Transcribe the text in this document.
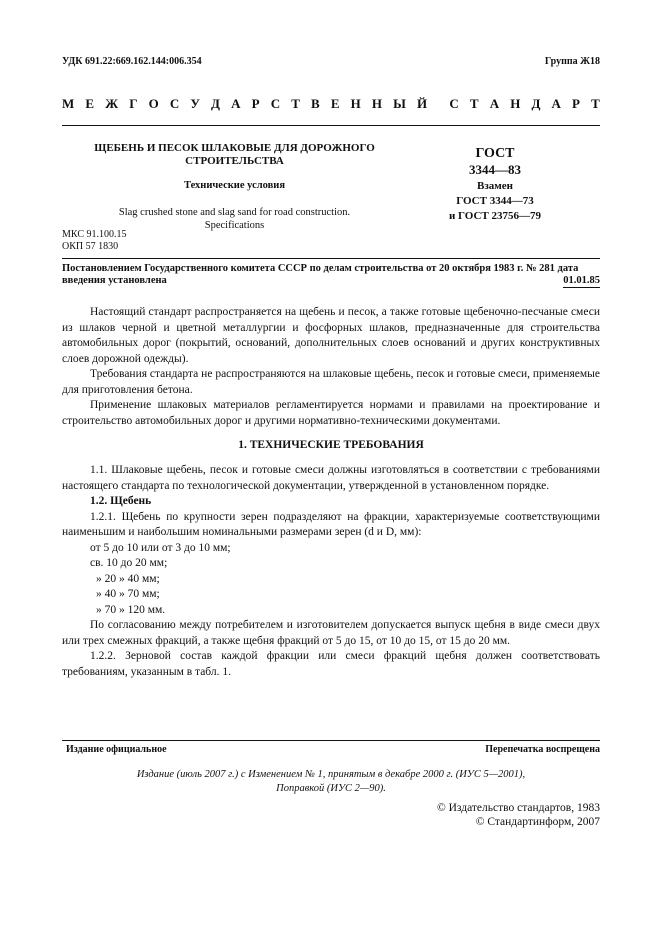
УДК 691.22:669.162.144:006.354	Группа Ж18
М Е Ж Г О С У Д А Р С Т В Е Н Н Ы Й С Т А Н Д А Р Т
ЩЕБЕНЬ И ПЕСОК ШЛАКОВЫЕ ДЛЯ ДОРОЖНОГО
СТРОИТЕЛЬСТВА
Технические условия
Slag crushed stone and slag sand for road construction.
Specifications
МКС 91.100.15
ОКП 57 1830
ГОСТ
3344—83
Взамен
ГОСТ 3344—73
и ГОСТ 23756—79
Постановлением Государственного комитета СССР по делам строительства от 20 октября 1983 г. № 281 дата
введения установлена	01.01.85

Настоящий стандарт распространяется на щебень и песок, а также готовые щебеночно-песчаные смеси из шлаков черной и цветной металлургии и фосфорных шлаков, предназначенные для строительства автомобильных дорог (покрытий, оснований, дополнительных слоев оснований и других конструктивных слоев дорожной одежды).

Требования стандарта не распространяются на шлаковые щебень, песок и готовые смеси, применяемые для приготовления бетона.

Применение шлаковых материалов регламентируется нормами и правилами на проектирование и строительство автомобильных дорог и другими нормативно-техническими документами.

1. ТЕХНИЧЕСКИЕ ТРЕБОВАНИЯ

1.1. Шлаковые щебень, песок и готовые смеси должны изготовляться в соответствии с требованиями настоящего стандарта по технологической документации, утвержденной в установленном порядке.

1.2. Щебень

1.2.1. Щебень по крупности зерен подразделяют на фракции, характеризуемые соответствующими наименьшим и наибольшим номинальными размерами зерен (d и D, мм):

от 5 до 10 или от 3 до 10 мм;
св. 10 до 20 мм;
» 20 » 40 мм;
» 40 » 70 мм;
» 70 » 120 мм.

По согласованию между потребителем и изготовителем допускается выпуск щебня в виде смеси двух или трех смежных фракций, а также щебня фракций от 5 до 15, от 10 до 15, от 15 до 20 мм.

1.2.2. Зерновой состав каждой фракции или смеси фракций щебня должен соответствовать требованиям, указанным в табл. 1.

Издание официальное	Перепечатка воспрещена
Издание (июль 2007 г.) с Изменением № 1, принятым в декабре 2000 г. (ИУС 5—2001),
Поправкой (ИУС 2—90).
© Издательство стандартов, 1983
© Стандартинформ, 2007
